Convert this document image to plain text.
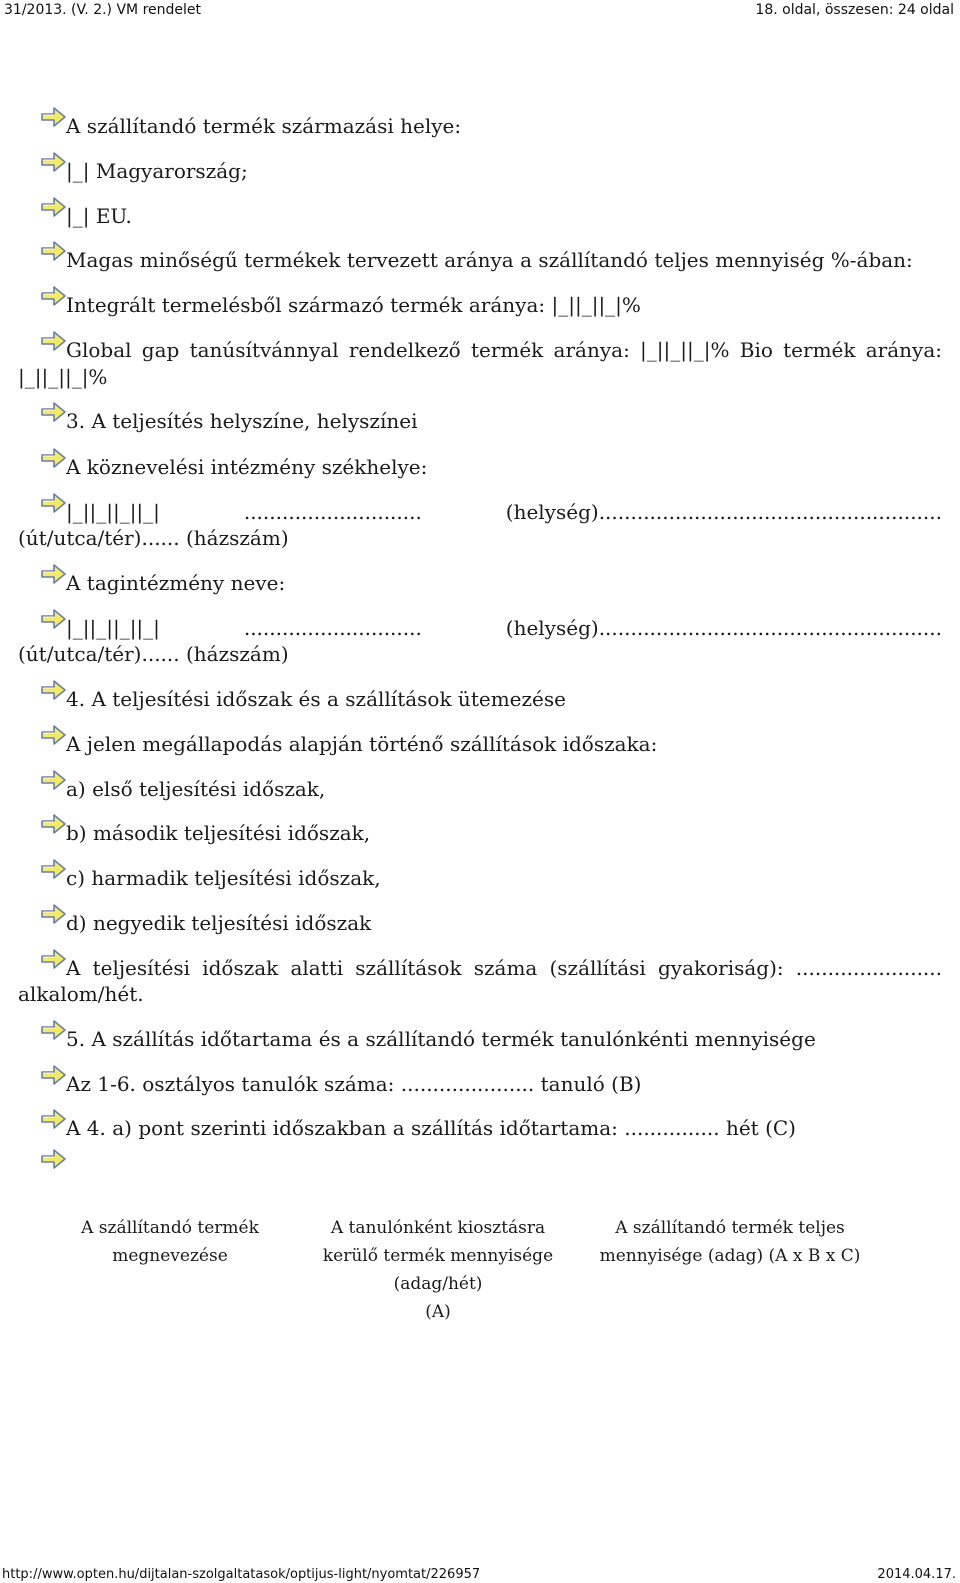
31/2013. (V. 2.) VM rendelet	18. oldal, összesen: 24 oldal
A szállítandó termék származási helye:
|_| Magyarország;
|_| EU.
Magas minőségű termékek tervezett aránya a szállítandó teljes mennyiség %-ában:
Integrált termelésből származó termék aránya: |_||_||_|%
Global gap tanúsítvánnyal rendelkező termék aránya: |_||_||_|% Bio termék aránya:
|_||_||_|%
3. A teljesítés helyszíne, helyszínei
A köznevelési intézmény székhelye:
|_||_||_||_| ............................ (helység)......................................................
(út/utca/tér)...... (házszám)
A tagintézmény neve:
|_||_||_||_| ............................ (helység)......................................................
(út/utca/tér)...... (házszám)
4. A teljesítési időszak és a szállítások ütemezése
A jelen megállapodás alapján történő szállítások időszaka:
a) első teljesítési időszak,
b) második teljesítési időszak,
c) harmadik teljesítési időszak,
d) negyedik teljesítési időszak
A teljesítési időszak alatti szállítások száma (szállítási gyakoriság): .......................
alkalom/hét.
5. A szállítás időtartama és a szállítandó termék tanulónkénti mennyisége
Az 1-6. osztályos tanulók száma: ..................... tanuló (B)
A 4. a) pont szerinti időszakban a szállítás időtartama: ............... hét (C)
A szállítandó termék
megnevezése
A tanulónként kiosztásra
kerülő termék mennyisége
(adag/hét)
(A)
A szállítandó termék teljes
mennyisége (adag) (A x B x C)
http://www.opten.hu/dijtalan-szolgaltatasok/optijus-light/nyomtat/226957	2014.04.17.
